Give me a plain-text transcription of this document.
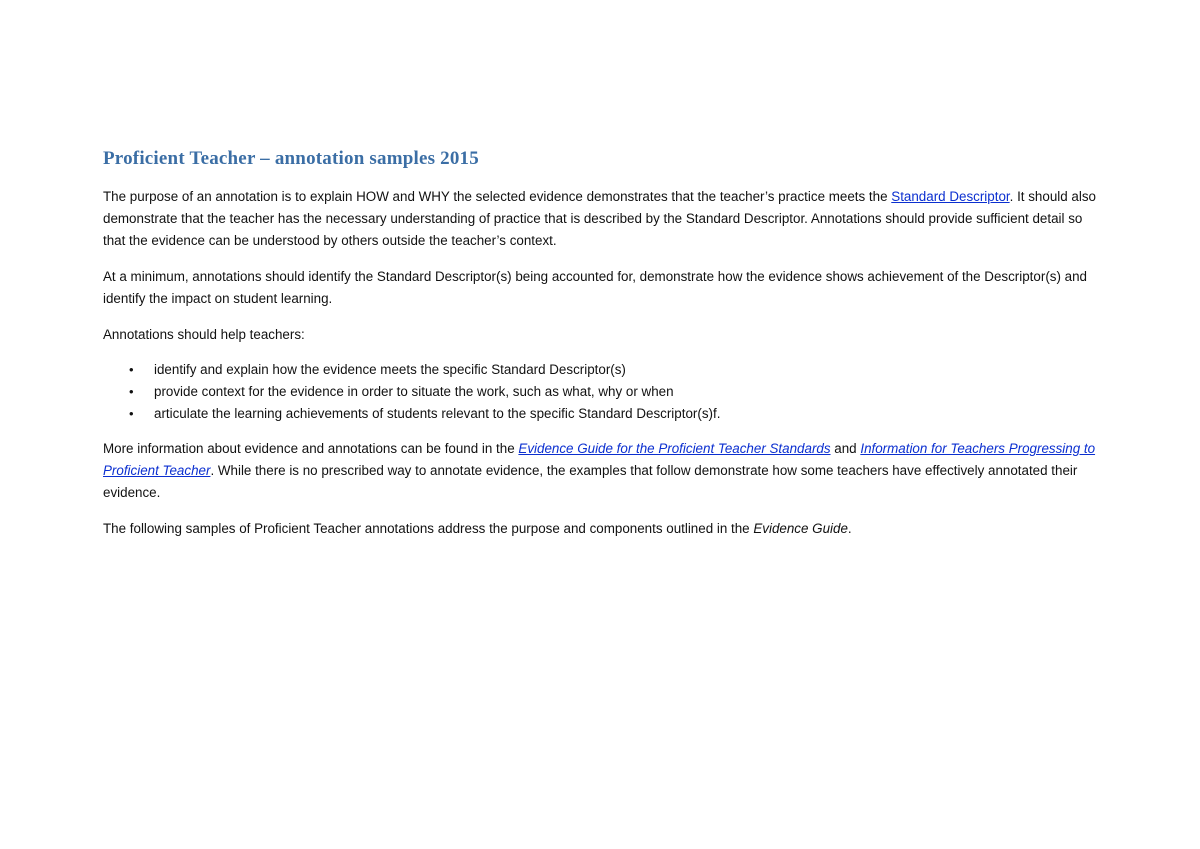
Proficient Teacher – annotation samples 2015

The purpose of an annotation is to explain HOW and WHY the selected evidence demonstrates that the teacher’s practice meets the Standard Descriptor. It should also demonstrate that the teacher has the necessary understanding of practice that is described by the Standard Descriptor. Annotations should provide sufficient detail so that the evidence can be understood by others outside the teacher’s context.

At a minimum, annotations should identify the Standard Descriptor(s) being accounted for, demonstrate how the evidence shows achievement of the Descriptor(s) and identify the impact on student learning.

Annotations should help teachers:

• identify and explain how the evidence meets the specific Standard Descriptor(s)
• provide context for the evidence in order to situate the work, such as what, why or when
• articulate the learning achievements of students relevant to the specific Standard Descriptor(s)f.

More information about evidence and annotations can be found in the Evidence Guide for the Proficient Teacher Standards and Information for Teachers Progressing to Proficient Teacher. While there is no prescribed way to annotate evidence, the examples that follow demonstrate how some teachers have effectively annotated their evidence.

The following samples of Proficient Teacher annotations address the purpose and components outlined in the Evidence Guide.
